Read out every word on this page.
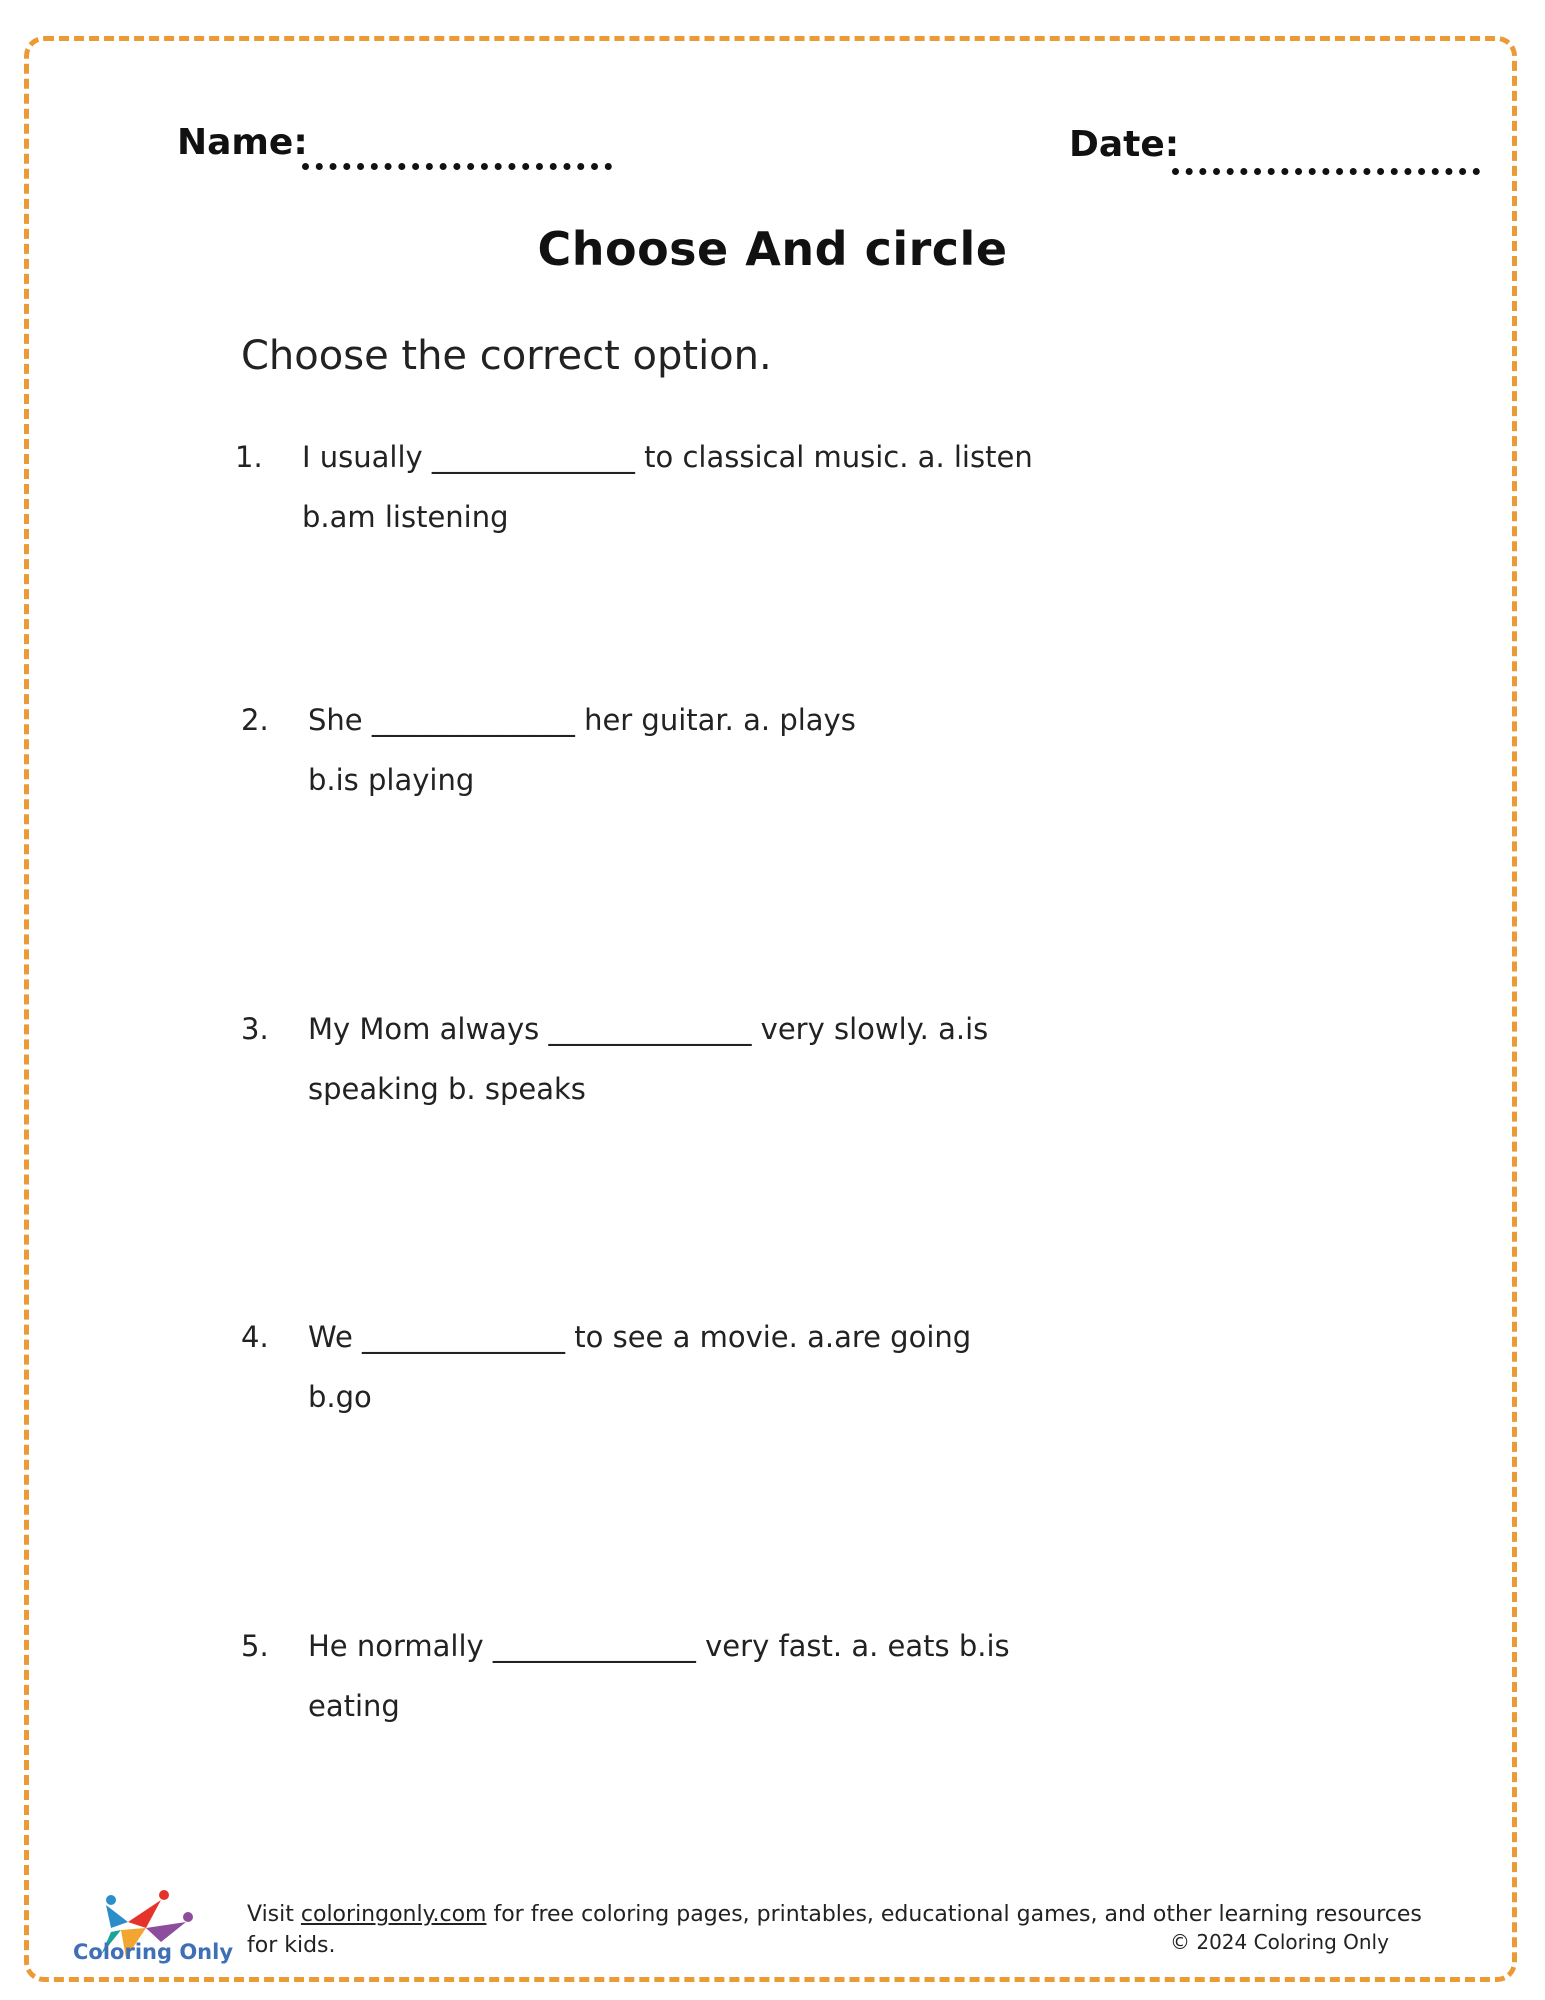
Name:	Date:
Choose And circle
Choose the correct option.
1. I usually ______________ to classical music. a. listen
b.am listening
2. She ______________ her guitar. a. plays
b.is playing
3. My Mom always ______________ very slowly. a.is
speaking b. speaks
4. We ______________ to see a movie. a.are going
b.go
5. He normally ______________ very fast. a. eats b.is
eating
Coloring Only
Visit coloringonly.com for free coloring pages, printables, educational games, and other learning resources for kids.	© 2024 Coloring Only
